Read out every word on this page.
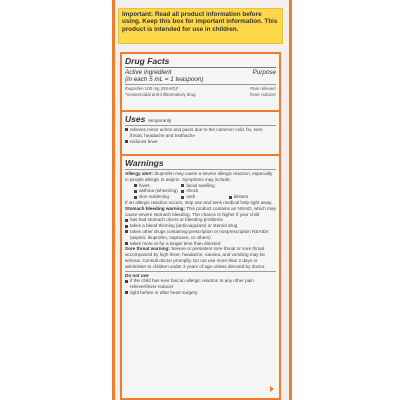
Important: Read all product information before using. Keep this box for important information. This product is intended for use in children.
Drug Facts
Active ingredient	Purpose
(in each 5 mL = 1 teaspoon)
Ibuprofen 100 mg (NSAID)*	Pain reliever/
*nonsteroidal anti-inflammatory drug	fever reducer
Uses temporarily:
relieves minor aches and pains due to the common cold, flu, sore throat, headache and toothache
reduces fever
Warnings
Allergy alert: Ibuprofen may cause a severe allergic reaction, especially in people allergic to aspirin. Symptoms may include:
hives	facial swelling
asthma (wheezing) shock
skin reddening	rash	blisters
If an allergic reaction occurs, stop use and seek medical help right away.
Stomach bleeding warning: This product contains an NSAID, which may cause severe stomach bleeding. The chance is higher if your child
has had stomach ulcers or bleeding problems
takes a blood thinning (anticoagulant) or steroid drug
takes other drugs containing prescription or nonprescription NSAIDs (aspirin, ibuprofen, naproxen, or others)
takes more or for a longer time than directed
Sore throat warning: Severe or persistent sore throat or sore throat accompanied by high fever, headache, nausea, and vomiting may be serious. Consult doctor promptly. Do not use more than 2 days or administer to children under 3 years of age unless directed by doctor.
Do not use
if the child has ever had an allergic reaction to any other pain reliever/fever reducer
right before or after heart surgery
